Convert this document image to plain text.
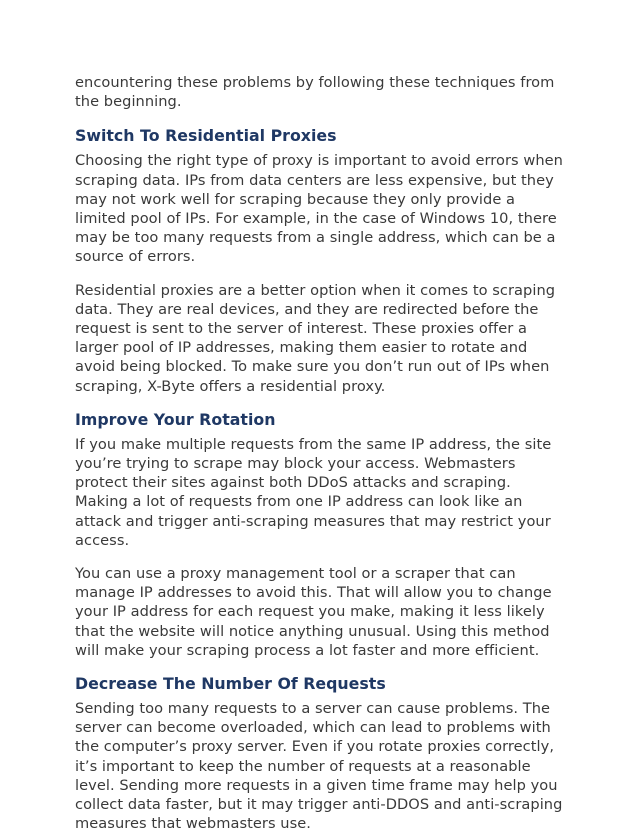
encountering these problems by following these techniques from the beginning.

Switch To Residential Proxies

Choosing the right type of proxy is important to avoid errors when scraping data. IPs from data centers are less expensive, but they may not work well for scraping because they only provide a limited pool of IPs. For example, in the case of Windows 10, there may be too many requests from a single address, which can be a source of errors.

Residential proxies are a better option when it comes to scraping data. They are real devices, and they are redirected before the request is sent to the server of interest. These proxies offer a larger pool of IP addresses, making them easier to rotate and avoid being blocked. To make sure you don’t run out of IPs when scraping, X-Byte offers a residential proxy.

Improve Your Rotation

If you make multiple requests from the same IP address, the site you’re trying to scrape may block your access. Webmasters protect their sites against both DDoS attacks and scraping. Making a lot of requests from one IP address can look like an attack and trigger anti-scraping measures that may restrict your access.

You can use a proxy management tool or a scraper that can manage IP addresses to avoid this. That will allow you to change your IP address for each request you make, making it less likely that the website will notice anything unusual. Using this method will make your scraping process a lot faster and more efficient.

Decrease The Number Of Requests

Sending too many requests to a server can cause problems. The server can become overloaded, which can lead to problems with the computer’s proxy server. Even if you rotate proxies correctly, it’s important to keep the number of requests at a reasonable level. Sending more requests in a given time frame may help you collect data faster, but it may trigger anti-DDOS and anti-scraping measures that webmasters use.
